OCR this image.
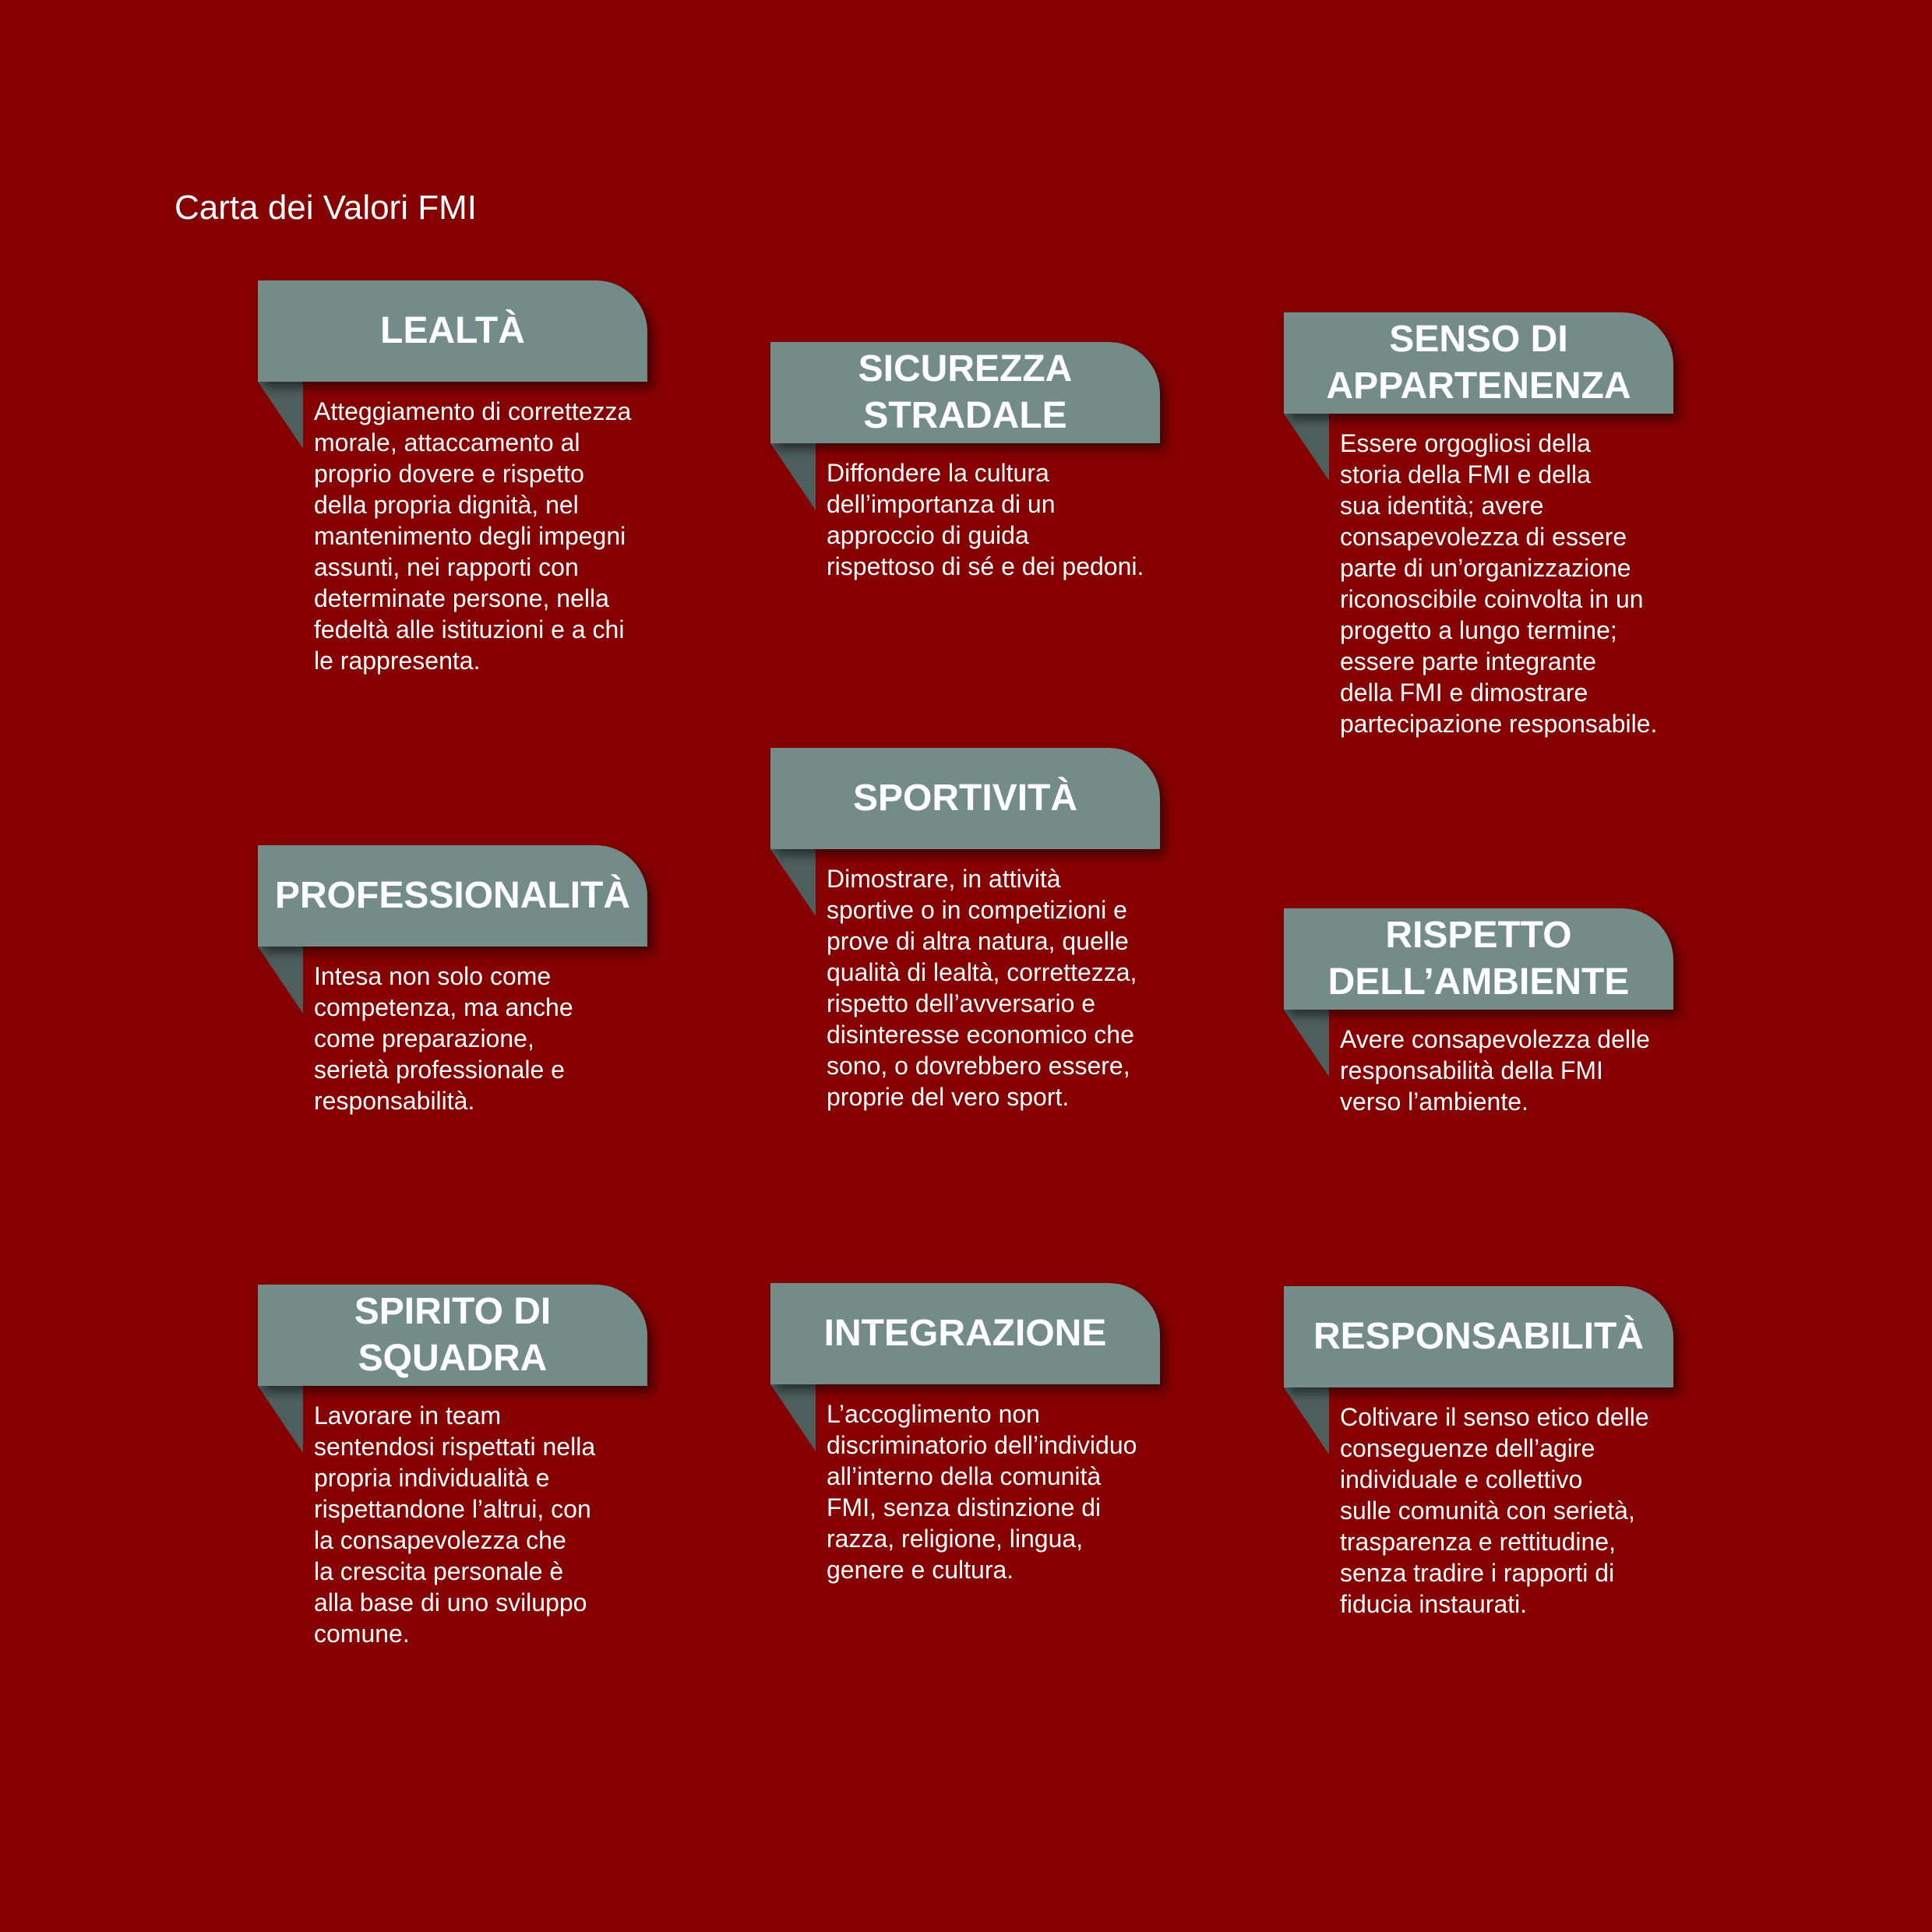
Carta dei Valori FMI
LEALTÀ
Atteggiamento di correttezza
morale, attaccamento al
proprio dovere e rispetto
della propria dignità, nel
mantenimento degli impegni
assunti, nei rapporti con
determinate persone, nella
fedeltà alle istituzioni e a chi
le rappresenta.
SICUREZZA
STRADALE
Diffondere la cultura
dell’importanza di un
approccio di guida
rispettoso di sé e dei pedoni.
SENSO DI
APPARTENENZA
Essere orgogliosi della
storia della FMI e della
sua identità; avere
consapevolezza di essere
parte di un’organizzazione
riconoscibile coinvolta in un
progetto a lungo termine;
essere parte integrante
della FMI e dimostrare
partecipazione responsabile.
PROFESSIONALITÀ
Intesa non solo come
competenza, ma anche
come preparazione,
serietà professionale e
responsabilità.
SPORTIVITÀ
Dimostrare, in attività
sportive o in competizioni e
prove di altra natura, quelle
qualità di lealtà, correttezza,
rispetto dell’avversario e
disinteresse economico che
sono, o dovrebbero essere,
proprie del vero sport.
RISPETTO
DELL’AMBIENTE
Avere consapevolezza delle
responsabilità della FMI
verso l’ambiente.
SPIRITO DI
SQUADRA
Lavorare in team
sentendosi rispettati nella
propria individualità e
rispettandone l’altrui, con
la consapevolezza che
la crescita personale è
alla base di uno sviluppo
comune.
INTEGRAZIONE
L’accoglimento non
discriminatorio dell’individuo
all’interno della comunità
FMI, senza distinzione di
razza, religione, lingua,
genere e cultura.
RESPONSABILITÀ
Coltivare il senso etico delle
conseguenze dell’agire
individuale e collettivo
sulle comunità con serietà,
trasparenza e rettitudine,
senza tradire i rapporti di
fiducia instaurati.
